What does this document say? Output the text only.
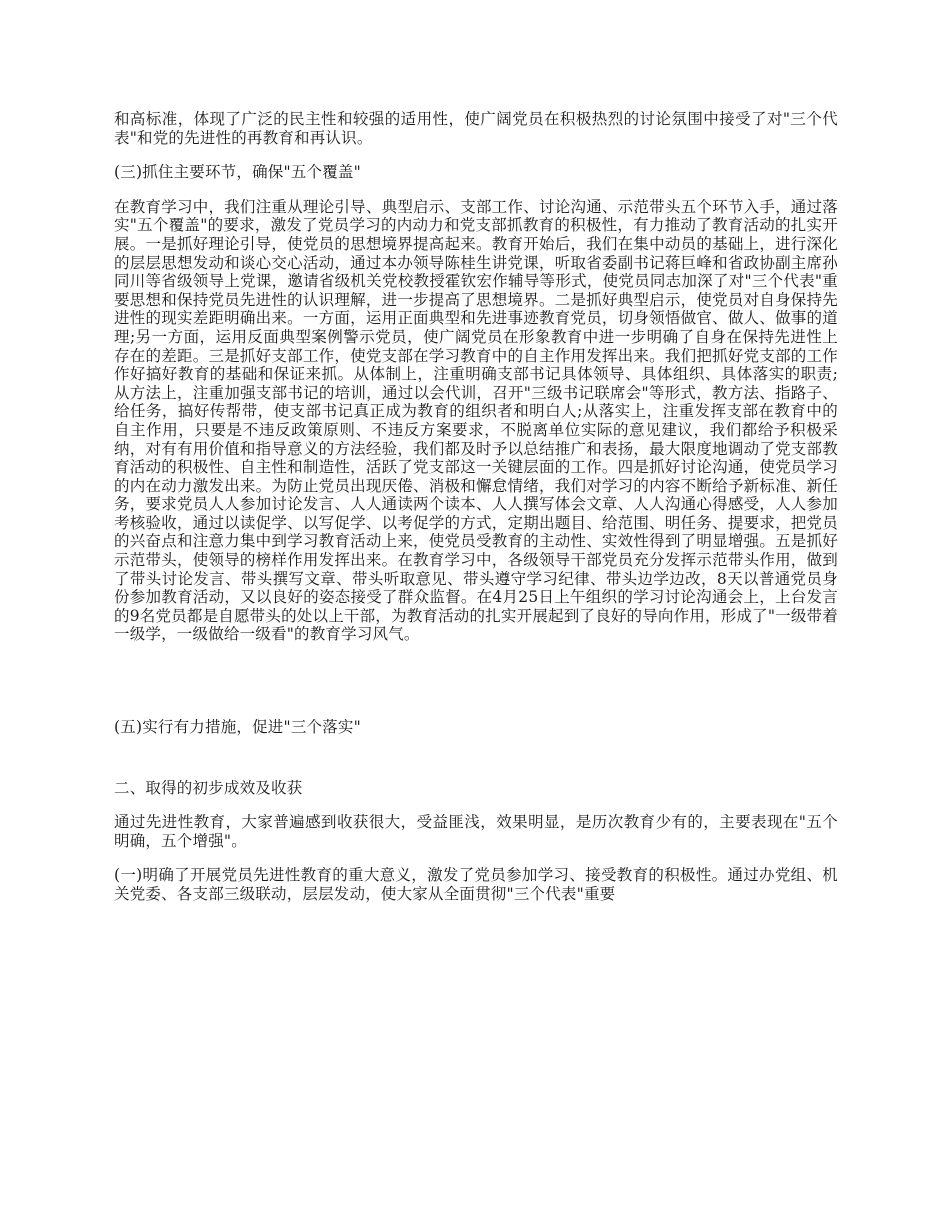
和高标准，体现了广泛的民主性和较强的适用性，使广阔党员在积极热烈的讨论氛围中接受了对"三个代表"和党的先进性的再教育和再认识。

(三)抓住主要环节，确保"五个覆盖"

在教育学习中，我们注重从理论引导、典型启示、支部工作、讨论沟通、示范带头五个环节入手，通过落实"五个覆盖"的要求，激发了党员学习的内动力和党支部抓教育的积极性，有力推动了教育活动的扎实开展。一是抓好理论引导，使党员的思想境界提高起来。教育开始后，我们在集中动员的基础上，进行深化的层层思想发动和谈心交心活动，通过本办领导陈桂生讲党课，听取省委副书记蒋巨峰和省政协副主席孙同川等省级领导上党课，邀请省级机关党校教授霍钦宏作辅导等形式，使党员同志加深了对"三个代表"重要思想和保持党员先进性的认识理解，进一步提高了思想境界。二是抓好典型启示，使党员对自身保持先进性的现实差距明确出来。一方面，运用正面典型和先进事迹教育党员，切身领悟做官、做人、做事的道理;另一方面，运用反面典型案例警示党员，使广阔党员在形象教育中进一步明确了自身在保持先进性上存在的差距。三是抓好支部工作，使党支部在学习教育中的自主作用发挥出来。我们把抓好党支部的工作作好搞好教育的基础和保证来抓。从体制上，注重明确支部书记具体领导、具体组织、具体落实的职责;从方法上，注重加强支部书记的培训，通过以会代训，召开"三级书记联席会"等形式，教方法、指路子、给任务，搞好传帮带，使支部书记真正成为教育的组织者和明白人;从落实上，注重发挥支部在教育中的自主作用，只要是不违反政策原则、不违反方案要求，不脱离单位实际的意见建议，我们都给予积极采纳，对有有用价值和指导意义的方法经验，我们都及时予以总结推广和表扬，最大限度地调动了党支部教育活动的积极性、自主性和制造性，活跃了党支部这一关键层面的工作。四是抓好讨论沟通，使党员学习的内在动力激发出来。为防止党员出现厌倦、消极和懈怠情绪，我们对学习的内容不断给予新标准、新任务，要求党员人人参加讨论发言、人人通读两个读本、人人撰写体会文章、人人沟通心得感受，人人参加考核验收，通过以读促学、以写促学、以考促学的方式，定期出题目、给范围、明任务、提要求，把党员的兴奋点和注意力集中到学习教育活动上来，使党员受教育的主动性、实效性得到了明显增强。五是抓好示范带头，使领导的榜样作用发挥出来。在教育学习中，各级领导干部党员充分发挥示范带头作用，做到了带头讨论发言、带头撰写文章、带头听取意见、带头遵守学习纪律、带头边学边改，8天以普通党员身份参加教育活动，又以良好的姿态接受了群众监督。在4月25日上午组织的学习讨论沟通会上，上台发言的9名党员都是自愿带头的处以上干部，为教育活动的扎实开展起到了良好的导向作用，形成了"一级带着一级学，一级做给一级看"的教育学习风气。

(五)实行有力措施，促进"三个落实"

二、取得的初步成效及收获

通过先进性教育，大家普遍感到收获很大，受益匪浅，效果明显，是历次教育少有的，主要表现在"五个明确，五个增强"。

(一)明确了开展党员先进性教育的重大意义，激发了党员参加学习、接受教育的积极性。通过办党组、机关党委、各支部三级联动，层层发动，使大家从全面贯彻"三个代表"重要
